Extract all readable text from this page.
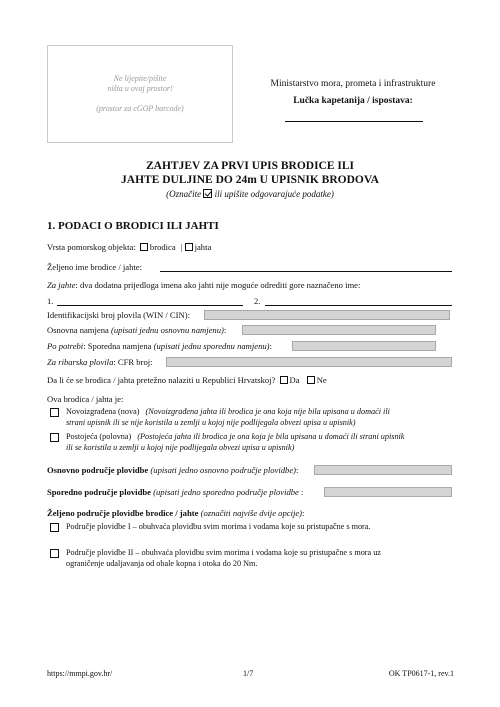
Ne lijepite/pišite
ništa u ovaj prostor!
(prostor za cGOP barcode)
Ministarstvo mora, prometa i infrastrukture
Lučka kapetanija / ispostava:
ZAHTJEV ZA PRVI UPIS BRODICE ILI
JAHTE DULJINE DO 24m U UPISNIK BRODOVA
(Označite ili upišite odgovarajuće podatke)
1. PODACI O BRODICI ILI JAHTI
Vrsta pomorskog objekta: brodica | jahta
Željeno ime brodice / jahte:
Za jahte: dva dodatna prijedloga imena ako jahti nije moguće odrediti gore naznačeno ime:
1.	2.
Identifikacijski broj plovila (WIN / CIN):
Osnovna namjena (upisati jednu osnovnu namjenu):
Po potrebi: Sporedna namjena (upisati jednu sporednu namjenu):
Za ribarska plovila: CFR broj:
Da li će se brodica / jahta pretežno nalaziti u Republici Hrvatskoj? Da Ne
Ova brodica / jahta je:
Novoizgrađena (nova) (Novoizgrađena jahta ili brodica je ona koja nije bila upisana u domaći ili
strani upisnik ili se nije koristila u zemlji u kojoj nije podlijegala obvezi upisa u upisnik)
Postojeća (polovna) (Postojeća jahta ili brodica je ona koja je bila upisana u domaći ili strani upisnik
ili se koristila u zemlji u kojoj nije podlijegala obvezi upisa u upisnik)
Osnovno područje plovidbe (upisati jedno osnovno područje plovidbe):
Sporedno područje plovidbe (upisati jedno sporedno područje plovidbe :
Željeno područje plovidbe brodice / jahte (označiti najviše dvije opcije):
Područje plovidbe I – obuhvaća plovidbu svim morima i vodama koje su pristupačne s mora.
Područje plovidbe II – obuhvaća plovidbu svim morima i vodama koje su pristupačne s mora uz
ograničenje udaljavanja od obale kopna i otoka do 20 Nm.
https://mmpi.gov.hr/	1/7	OK TP0617-1, rev.1
